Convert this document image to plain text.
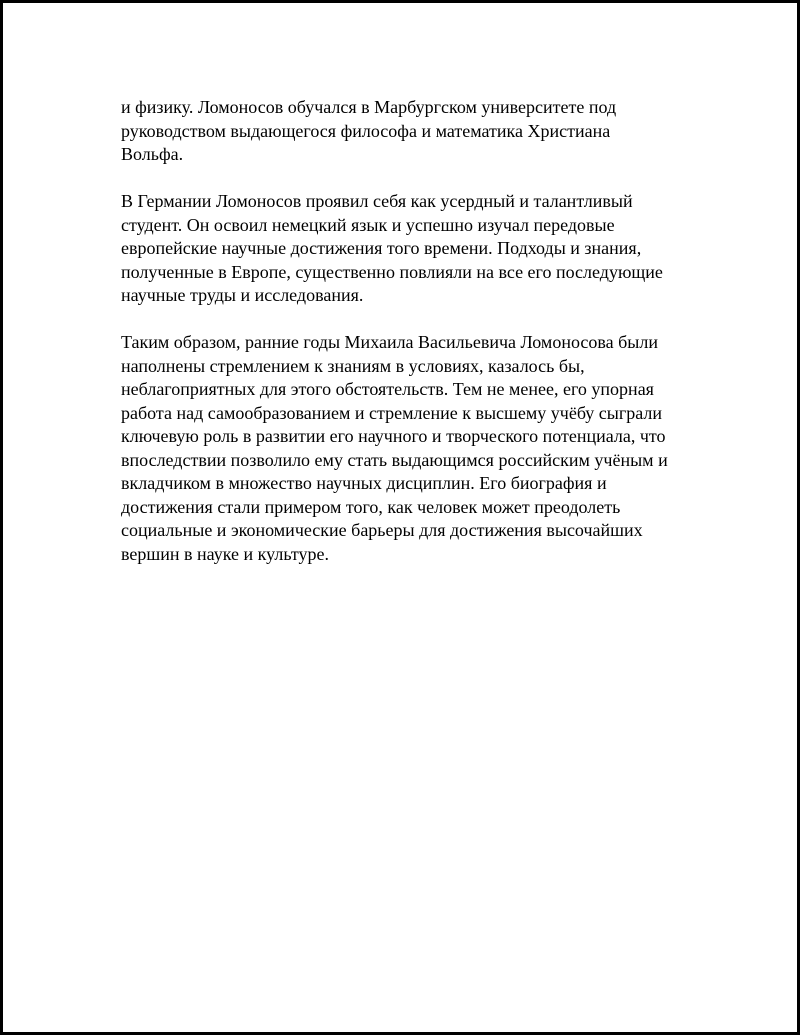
и физику. Ломоносов обучался в Марбургском университете под
руководством выдающегося философа и математика Христиана
Вольфа.

В Германии Ломоносов проявил себя как усердный и талантливый
студент. Он освоил немецкий язык и успешно изучал передовые
европейские научные достижения того времени. Подходы и знания,
полученные в Европе, существенно повлияли на все его последующие
научные труды и исследования.

Таким образом, ранние годы Михаила Васильевича Ломоносова были
наполнены стремлением к знаниям в условиях, казалось бы,
неблагоприятных для этого обстоятельств. Тем не менее, его упорная
работа над самообразованием и стремление к высшему учёбу сыграли
ключевую роль в развитии его научного и творческого потенциала, что
впоследствии позволило ему стать выдающимся российским учёным и
вкладчиком в множество научных дисциплин. Его биография и
достижения стали примером того, как человек может преодолеть
социальные и экономические барьеры для достижения высочайших
вершин в науке и культуре.
